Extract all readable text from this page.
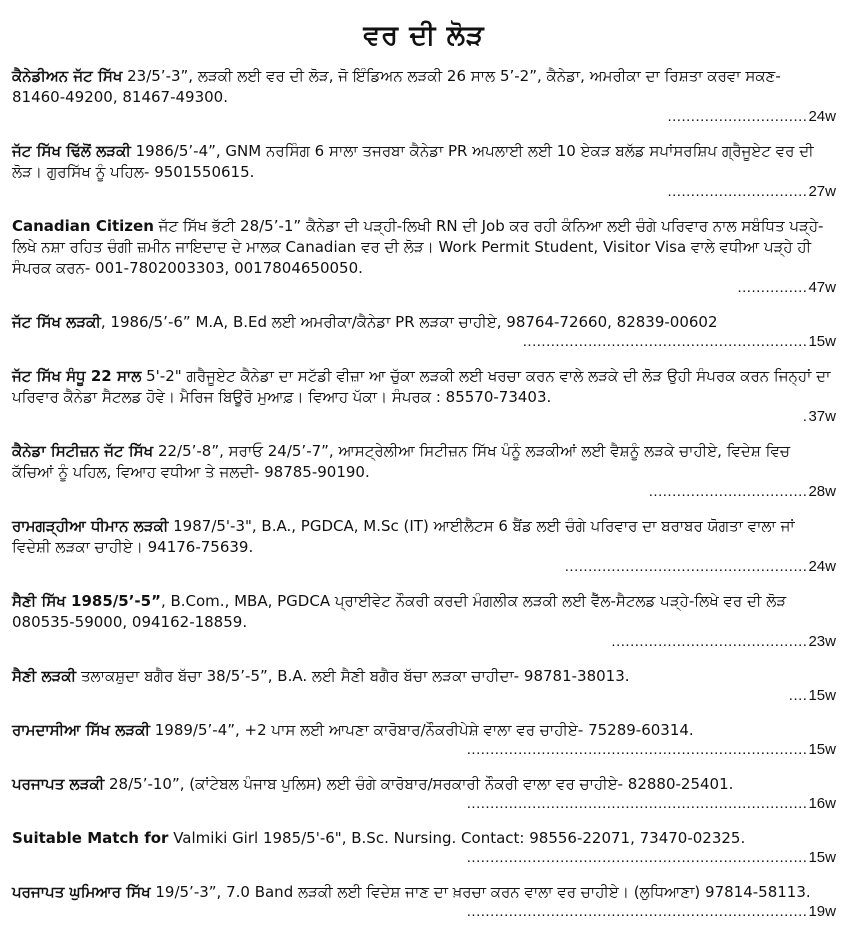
ਵਰ ਦੀ ਲੋੜ
ਕੈਨੇਡੀਅਨ ਜੱਟ ਸਿੱਖ 23/5’-3”, ਲੜਕੀ ਲਈ ਵਰ ਦੀ ਲੋੜ, ਜੋ ਇੰਡਿਅਨ ਲੜਕੀ 26 ਸਾਲ 5’-2”, ਕੈਨੇਡਾ, ਅਮਰੀਕਾ ਦਾ ਰਿਸ਼ਤਾ ਕਰਵਾ ਸਕਣ- 81460-49200, 81467-49300.
..............................24w
ਜੱਟ ਸਿੱਖ ਢਿੱਲੋਂ ਲੜਕੀ 1986/5’-4”, GNM ਨਰਸਿੰਗ 6 ਸਾਲਾ ਤਜਰਬਾ ਕੈਨੇਡਾ PR ਅਪਲਾਈ ਲਈ 10 ਏਕੜ ਬਲੱਡ ਸਪਾਂਸਰਸ਼ਿਪ ਗ੍ਰੈਜੂਏਟ ਵਰ ਦੀ ਲੋੜ। ਗੁਰਸਿੱਖ ਨੂੰ ਪਹਿਲ- 9501550615.
..............................27w
Canadian Citizen ਜੱਟ ਸਿੱਖ ਭੱਟੀ 28/5’-1” ਕੈਨੇਡਾ ਦੀ ਪੜ੍ਹੀ-ਲਿਖੀ RN ਦੀ Job ਕਰ ਰਹੀ ਕੰਨਿਆ ਲਈ ਚੰਗੇ ਪਰਿਵਾਰ ਨਾਲ ਸਬੰਧਿਤ ਪੜ੍ਹੇ-ਲਿਖੇ ਨਸ਼ਾ ਰਹਿਤ ਚੰਗੀ ਜ਼ਮੀਨ ਜਾਇਦਾਦ ਦੇ ਮਾਲਕ Canadian ਵਰ ਦੀ ਲੋੜ। Work Permit Student, Visitor Visa ਵਾਲੇ ਵਧੀਆ ਪੜ੍ਹੇ ਹੀ ਸੰਪਰਕ ਕਰਨ- 001-7802003303, 0017804650050.
...............47w
ਜੱਟ ਸਿੱਖ ਲੜਕੀ, 1986/5’-6” M.A, B.Ed ਲਈ ਅਮਰੀਕਾ/ਕੈਨੇਡਾ PR ਲੜਕਾ ਚਾਹੀਏ, 98764-72660, 82839-00602
.............................................................15w
ਜੱਟ ਸਿੱਖ ਸੰਧੂ 22 ਸਾਲ 5'-2" ਗਰੈਜੂਏਟ ਕੈਨੇਡਾ ਦਾ ਸਟੱਡੀ ਵੀਜ਼ਾ ਆ ਚੁੱਕਾ ਲੜਕੀ ਲਈ ਖਰਚਾ ਕਰਨ ਵਾਲੇ ਲੜਕੇ ਦੀ ਲੋੜ ਉਹੀ ਸੰਪਰਕ ਕਰਨ ਜਿਨ੍ਹਾਂ ਦਾ ਪਰਿਵਾਰ ਕੈਨੇਡਾ ਸੈਟਲਡ ਹੋਵੇ। ਮੈਰਿਜ ਬਿਊਰੋ ਮੁਆਫ਼। ਵਿਆਹ ਪੱਕਾ। ਸੰਪਰਕ : 85570-73403.
.37w
ਕੈਨੇਡਾ ਸਿਟੀਜ਼ਨ ਜੱਟ ਸਿੱਖ 22/5’-8”, ਸਰਾਓ 24/5’-7”, ਆਸਟ੍ਰੇਲੀਆ ਸਿਟੀਜ਼ਨ ਸਿੱਖ ਪੰਨੂੰ ਲੜਕੀਆਂ ਲਈ ਵੈਸ਼ਨੂੰ ਲੜਕੇ ਚਾਹੀਏ, ਵਿਦੇਸ਼ ਵਿਚ ਕੱਚਿਆਂ ਨੂੰ ਪਹਿਲ, ਵਿਆਹ ਵਧੀਆ ਤੇ ਜਲਦੀ- 98785-90190.
..................................28w
ਰਾਮਗੜ੍ਹੀਆ ਧੀਮਾਨ ਲੜਕੀ 1987/5'-3", B.A., PGDCA, M.Sc (IT) ਆਈਲੈਟਸ 6 ਬੈਂਡ ਲਈ ਚੰਗੇ ਪਰਿਵਾਰ ਦਾ ਬਰਾਬਰ ਯੋਗਤਾ ਵਾਲਾ ਜਾਂ ਵਿਦੇਸ਼ੀ ਲੜਕਾ ਚਾਹੀਏ। 94176-75639.
....................................................24w
ਸੈਣੀ ਸਿੱਖ 1985/5’-5”, B.Com., MBA, PGDCA ਪ੍ਰਾਈਵੇਟ ਨੌਕਰੀ ਕਰਦੀ ਮੰਗਲੀਕ ਲੜਕੀ ਲਈ ਵੈੱਲ-ਸੈਟਲਡ ਪੜ੍ਹੇ-ਲਿਖੇ ਵਰ ਦੀ ਲੋੜ 080535-59000, 094162-18859.
..........................................23w
ਸੈਣੀ ਲੜਕੀ ਤਲਾਕਸ਼ੁਦਾ ਬਗੈਰ ਬੱਚਾ 38/5’-5”, B.A. ਲਈ ਸੈਣੀ ਬਗੈਰ ਬੱਚਾ ਲੜਕਾ ਚਾਹੀਦਾ- 98781-38013.
....15w
ਰਾਮਦਾਸੀਆ ਸਿੱਖ ਲੜਕੀ 1989/5’-4”, +2 ਪਾਸ ਲਈ ਆਪਣਾ ਕਾਰੋਬਾਰ/ਨੌਕਰੀਪੇਸ਼ੇ ਵਾਲਾ ਵਰ ਚਾਹੀਏ- 75289-60314.
.........................................................................15w
ਪਰਜਾਪਤ ਲੜਕੀ 28/5’-10”, (ਕਾਂਟੇਬਲ ਪੰਜਾਬ ਪੁਲਿਸ) ਲਈ ਚੰਗੇ ਕਾਰੋਬਾਰ/ਸਰਕਾਰੀ ਨੌਕਰੀ ਵਾਲਾ ਵਰ ਚਾਹੀਏ- 82880-25401.
.........................................................................16w
Suitable Match for Valmiki Girl 1985/5'-6", B.Sc. Nursing. Contact: 98556-22071, 73470-02325.
.........................................................................15w
ਪਰਜਾਪਤ ਘੁਮਿਆਰ ਸਿੱਖ 19/5’-3”, 7.0 Band ਲੜਕੀ ਲਈ ਵਿਦੇਸ਼ ਜਾਣ ਦਾ ਖ਼ਰਚਾ ਕਰਨ ਵਾਲਾ ਵਰ ਚਾਹੀਏ। (ਲੁਧਿਆਣਾ) 97814-58113.
.........................................................................19w
